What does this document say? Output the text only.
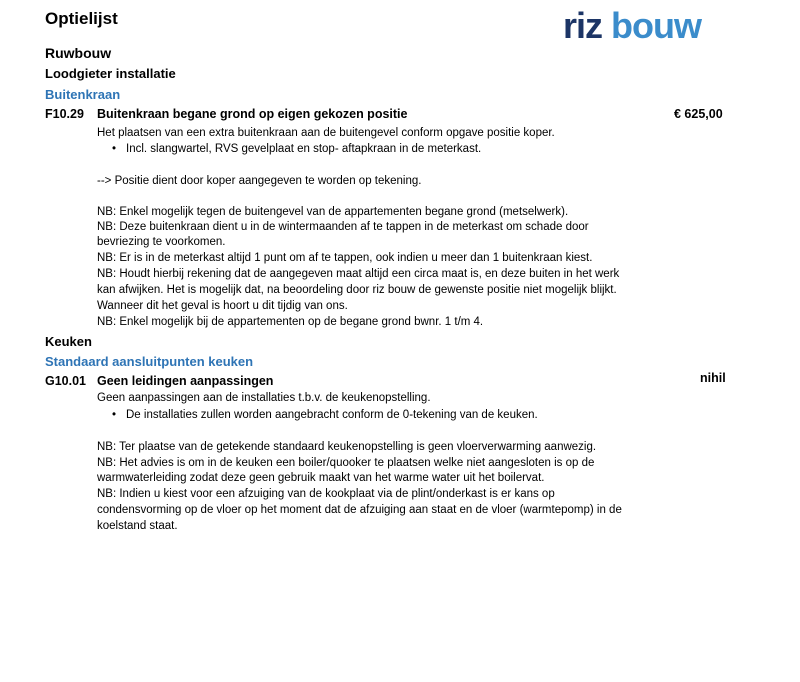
Optielijst	riz bouw
Ruwbouw
Loodgieter installatie
Buitenkraan
F10.29 Buitenkraan begane grond op eigen gekozen positie	€ 625,00
Het plaatsen van een extra buitenkraan aan de buitengevel conform opgave positie koper.
• Incl. slangwartel, RVS gevelplaat en stop- aftapkraan in de meterkast.
--> Positie dient door koper aangegeven te worden op tekening.
NB: Enkel mogelijk tegen de buitengevel van de appartementen begane grond (metselwerk).
NB: Deze buitenkraan dient u in de wintermaanden af te tappen in de meterkast om schade door
bevriezing te voorkomen.
NB: Er is in de meterkast altijd 1 punt om af te tappen, ook indien u meer dan 1 buitenkraan kiest.
NB: Houdt hierbij rekening dat de aangegeven maat altijd een circa maat is, en deze buiten in het werk
kan afwijken. Het is mogelijk dat, na beoordeling door riz bouw de gewenste positie niet mogelijk blijkt.
Wanneer dit het geval is hoort u dit tijdig van ons.
NB: Enkel mogelijk bij de appartementen op de begane grond bwnr. 1 t/m 4.
Keuken
Standaard aansluitpunten keuken
G10.01 Geen leidingen aanpassingen	nihil
Geen aanpassingen aan de installaties t.b.v. de keukenopstelling.
• De installaties zullen worden aangebracht conform de 0-tekening van de keuken.
NB: Ter plaatse van de getekende standaard keukenopstelling is geen vloerverwarming aanwezig.
NB: Het advies is om in de keuken een boiler/quooker te plaatsen welke niet aangesloten is op de
warmwaterleiding zodat deze geen gebruik maakt van het warme water uit het boilervat.
NB: Indien u kiest voor een afzuiging van de kookplaat via de plint/onderkast is er kans op
condensvorming op de vloer op het moment dat de afzuiging aan staat en de vloer (warmtepomp) in de
koelstand staat.
